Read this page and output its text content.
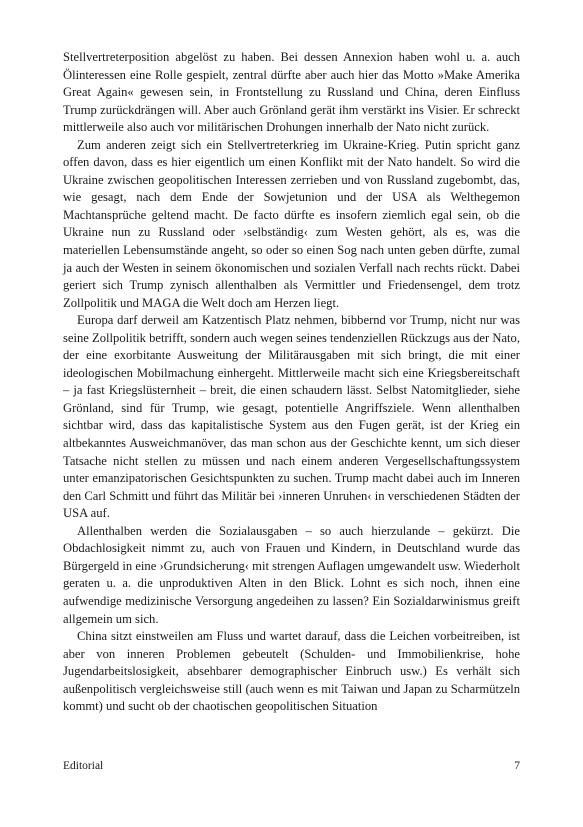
Stellvertreterposition abgelöst zu haben. Bei dessen Annexion haben wohl u. a. auch Ölinteressen eine Rolle gespielt, zentral dürfte aber auch hier das Motto »Make Amerika Great Again« gewesen sein, in Frontstellung zu Russland und China, deren Einfluss Trump zurückdrängen will. Aber auch Grönland gerät ihm verstärkt ins Visier. Er schreckt mittlerweile also auch vor militärischen Drohungen innerhalb der Nato nicht zurück.

Zum anderen zeigt sich ein Stellvertreterkrieg im Ukraine-Krieg. Putin spricht ganz offen davon, dass es hier eigentlich um einen Konflikt mit der Nato handelt. So wird die Ukraine zwischen geopolitischen Interessen zerrieben und von Russland zugebombt, das, wie gesagt, nach dem Ende der Sowjetunion und der USA als Welthegemon Machtansprüche geltend macht. De facto dürfte es insofern ziemlich egal sein, ob die Ukraine nun zu Russland oder ›selbständig‹ zum Westen gehört, als es, was die materiellen Lebensumstände angeht, so oder so einen Sog nach unten geben dürfte, zumal ja auch der Westen in seinem ökonomischen und sozialen Verfall nach rechts rückt. Dabei geriert sich Trump zynisch allenthalben als Vermittler und Friedensengel, dem trotz Zollpolitik und MAGA die Welt doch am Herzen liegt.

Europa darf derweil am Katzentisch Platz nehmen, bibbernd vor Trump, nicht nur was seine Zollpolitik betrifft, sondern auch wegen seines tendenziellen Rückzugs aus der Nato, der eine exorbitante Ausweitung der Militärausgaben mit sich bringt, die mit einer ideologischen Mobilmachung einhergeht. Mittlerweile macht sich eine Kriegsbereitschaft – ja fast Kriegslüsternheit – breit, die einen schaudern lässt. Selbst Natomitglieder, siehe Grönland, sind für Trump, wie gesagt, potentielle Angriffsziele. Wenn allenthalben sichtbar wird, dass das kapitalistische System aus den Fugen gerät, ist der Krieg ein altbekanntes Ausweichmanöver, das man schon aus der Geschichte kennt, um sich dieser Tatsache nicht stellen zu müssen und nach einem anderen Vergesellschaftungssystem unter emanzipatorischen Gesichtspunkten zu suchen. Trump macht dabei auch im Inneren den Carl Schmitt und führt das Militär bei ›inneren Unruhen‹ in verschiedenen Städten der USA auf.

Allenthalben werden die Sozialausgaben – so auch hierzulande – gekürzt. Die Obdachlosigkeit nimmt zu, auch von Frauen und Kindern, in Deutschland wurde das Bürgergeld in eine ›Grundsicherung‹ mit strengen Auflagen umgewandelt usw. Wiederholt geraten u. a. die unproduktiven Alten in den Blick. Lohnt es sich noch, ihnen eine aufwendige medizinische Versorgung angedeihen zu lassen? Ein Sozialdarwinismus greift allgemein um sich.

China sitzt einstweilen am Fluss und wartet darauf, dass die Leichen vorbeitreiben, ist aber von inneren Problemen gebeutelt (Schulden- und Immobilienkrise, hohe Jugendarbeitslosigkeit, absehbarer demographischer Einbruch usw.) Es verhält sich außenpolitisch vergleichsweise still (auch wenn es mit Taiwan und Japan zu Scharmützeln kommt) und sucht ob der chaotischen geopolitischen Situation

Editorial	7
